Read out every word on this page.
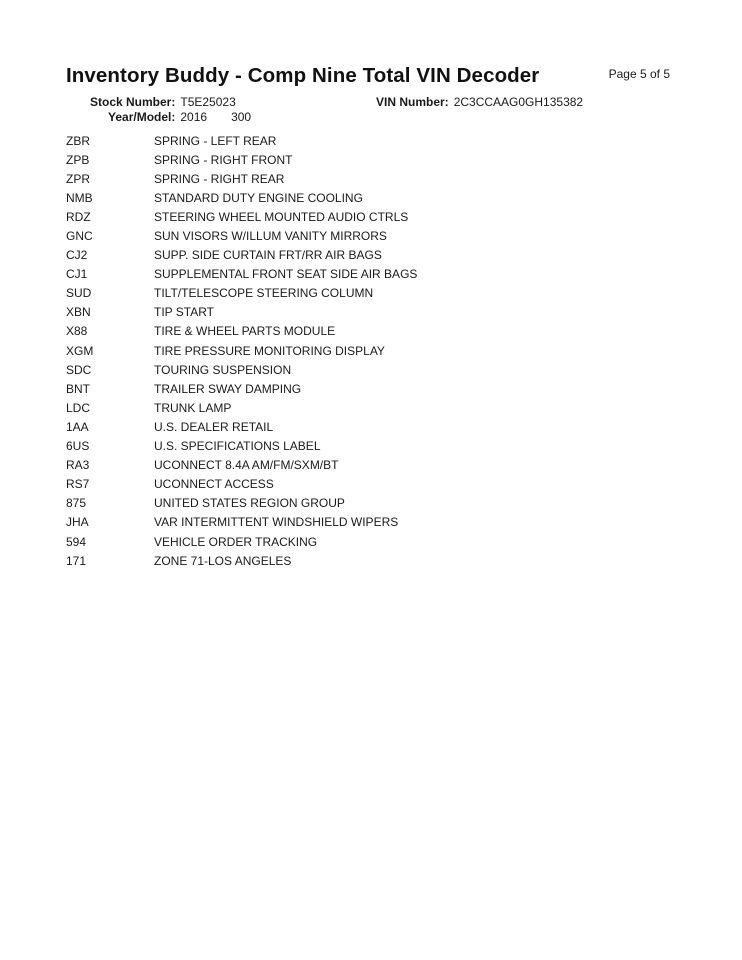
Inventory Buddy - Comp Nine Total VIN Decoder	Page 5 of 5
Stock Number: T5E25023	VIN Number: 2C3CCAAG0GH135382
Year/Model: 2016 300
ZBR	SPRING - LEFT REAR
ZPB	SPRING - RIGHT FRONT
ZPR	SPRING - RIGHT REAR
NMB	STANDARD DUTY ENGINE COOLING
RDZ	STEERING WHEEL MOUNTED AUDIO CTRLS
GNC	SUN VISORS W/ILLUM VANITY MIRRORS
CJ2	SUPP. SIDE CURTAIN FRT/RR AIR BAGS
CJ1	SUPPLEMENTAL FRONT SEAT SIDE AIR BAGS
SUD	TILT/TELESCOPE STEERING COLUMN
XBN	TIP START
X88	TIRE & WHEEL PARTS MODULE
XGM	TIRE PRESSURE MONITORING DISPLAY
SDC	TOURING SUSPENSION
BNT	TRAILER SWAY DAMPING
LDC	TRUNK LAMP
1AA	U.S. DEALER RETAIL
6US	U.S. SPECIFICATIONS LABEL
RA3	UCONNECT 8.4A AM/FM/SXM/BT
RS7	UCONNECT ACCESS
875	UNITED STATES REGION GROUP
JHA	VAR INTERMITTENT WINDSHIELD WIPERS
594	VEHICLE ORDER TRACKING
171	ZONE 71-LOS ANGELES
